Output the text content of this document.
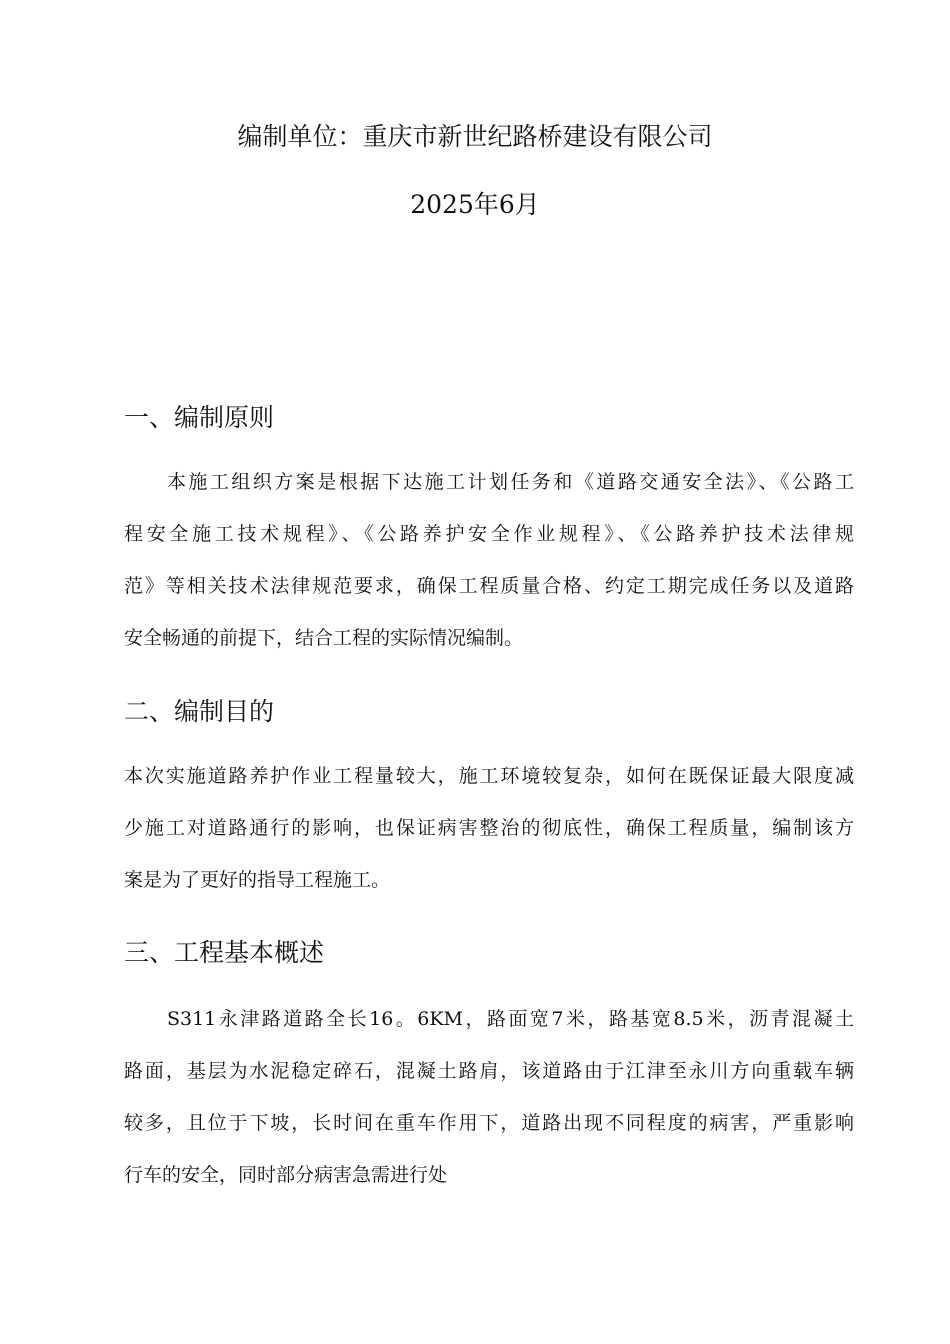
编制单位：重庆市新世纪路桥建设有限公司
2025年6月
一、编制原则
　　本施工组织方案是根据下达施工计划任务和《道路交通安全法》、《公路工
程安全施工技术规程》、《公路养护安全作业规程》、《公路养护技术法律规
范》等相关技术法律规范要求，确保工程质量合格、约定工期完成任务以及道路
安全畅通的前提下，结合工程的实际情况编制。
二、编制目的
本次实施道路养护作业工程量较大，施工环境较复杂，如何在既保证最大限度减
少施工对道路通行的影响，也保证病害整治的彻底性，确保工程质量，编制该方
案是为了更好的指导工程施工。
三、工程基本概述
　　S311永津路道路全长16。6KM，路面宽7米，路基宽8.5米，沥青混凝土
路面，基层为水泥稳定碎石，混凝土路肩，该道路由于江津至永川方向重载车辆
较多，且位于下坡，长时间在重车作用下，道路出现不同程度的病害，严重影响
行车的安全，同时部分病害急需进行处
